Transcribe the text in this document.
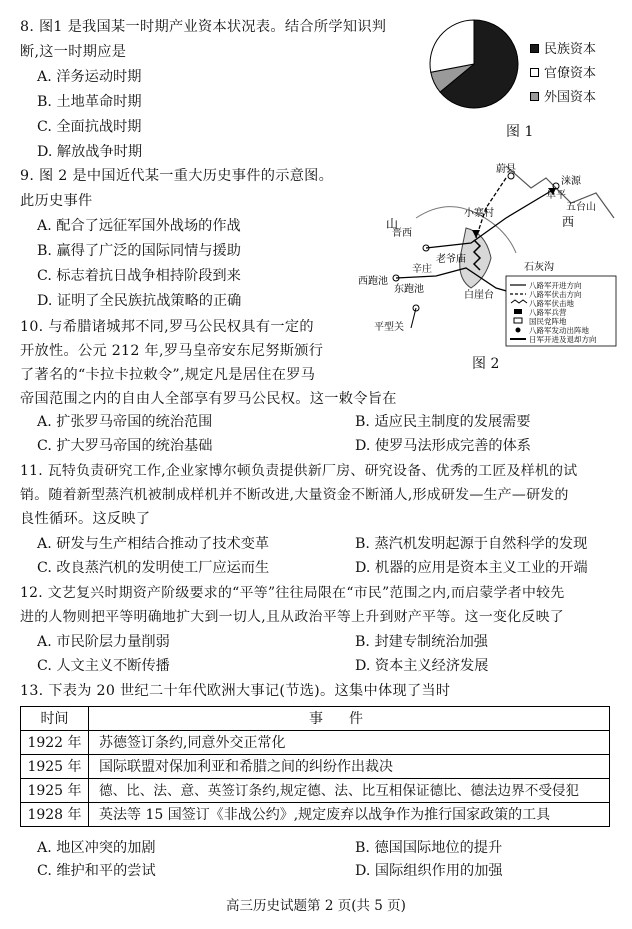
8. 图1 是我国某一时期产业资本状况表。结合所学知识判
断,这一时期应是
A. 洋务运动时期
B. 土地革命时期
C. 全面抗战时期
D. 解放战争时期
民族资本
官僚资本
外国资本
图 1
9. 图 2 是中国近代某一重大历史事件的示意图。
此历史事件
A. 配合了远征军国外战场的作战
B. 赢得了广泛的国际同情与援助
C. 标志着抗日战争相持阶段到来
D. 证明了全民族抗战策略的正确
蔚县
涞源
阜平
五台山
小寨村
老爷庙
平型关
西跑池
东跑池
辛庄
白崖台
石灰沟
晋西
山	西
八路军开进方向
八路军伏击方向
八路军伏击地
八路军兵营
国民党阵地
八路军发动出阵地
日军开进及退却方向
图 2
10. 与希腊诸城邦不同,罗马公民权具有一定的
开放性。公元 212 年,罗马皇帝安东尼努斯颁行
了著名的“卡拉卡拉敕令”,规定凡是居住在罗马
帝国范围之内的自由人全部享有罗马公民权。这一敕令旨在
A. 扩张罗马帝国的统治范围	B. 适应民主制度的发展需要
C. 扩大罗马帝国的统治基础	D. 使罗马法形成完善的体系
11. 瓦特负责研究工作,企业家博尔顿负责提供新厂房、研究设备、优秀的工匠及样机的试
销。随着新型蒸汽机被制成样机并不断改进,大量资金不断涌人,形成研发—生产—研发的
良性循环。这反映了
A. 研发与生产相结合推动了技术变革	B. 蒸汽机发明起源于自然科学的发现
C. 改良蒸汽机的发明使工厂应运而生	D. 机器的应用是资本主义工业的开端
12. 文艺复兴时期资产阶级要求的“平等”往往局限在“市民”范围之内,而启蒙学者中较先
进的人物则把平等明确地扩大到一切人,且从政治平等上升到财产平等。这一变化反映了
A. 市民阶层力量削弱	B. 封建专制统治加强
C. 人文主义不断传播	D. 资本主义经济发展
13. 下表为 20 世纪二十年代欧洲大事记(节选)。这集中体现了当时
时间	事件
1922 年	苏德签订条约,同意外交正常化
1925 年	国际联盟对保加利亚和希腊之间的纠纷作出裁决
1925 年	德、比、法、意、英签订条约,规定德、法、比互相保证德比、德法边界不受侵犯
1928 年	英法等 15 国签订《非战公约》,规定废弃以战争作为推行国家政策的工具
A. 地区冲突的加剧	B. 德国国际地位的提升
C. 维护和平的尝试	D. 国际组织作用的加强
高三历史试题第 2 页(共 5 页)
